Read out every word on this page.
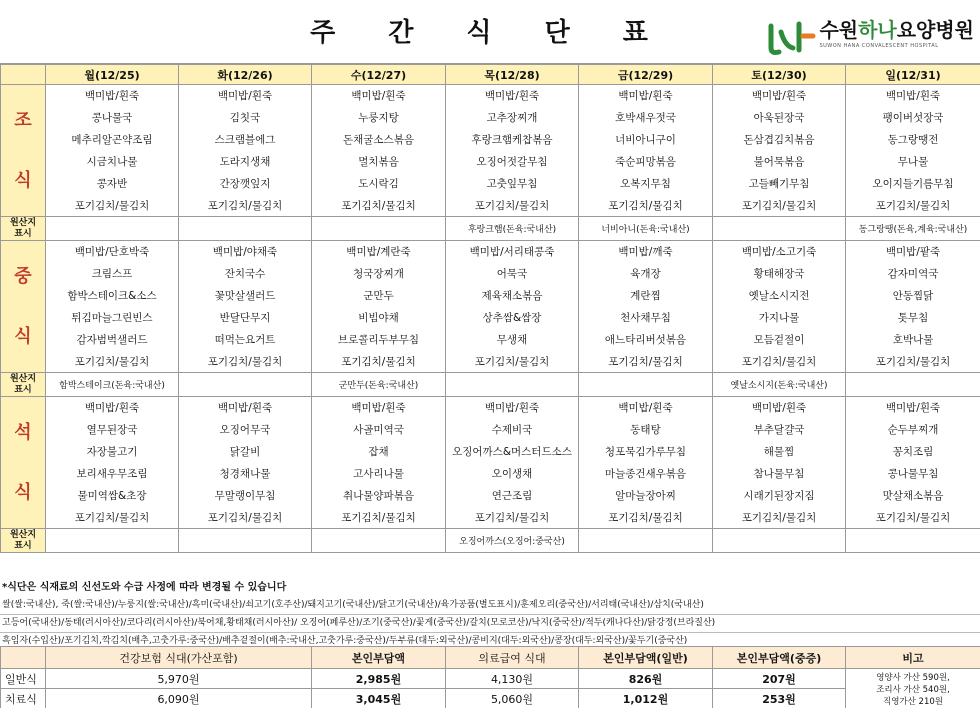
주 간 식 단 표	수원하나요양병원
SUWON HANA CONVALESCENT HOSPITAL
	월(12/25)	화(12/26)	수(12/27)	목(12/28)	금(12/29)	토(12/30)	일(12/31)

조
식	백미밥/흰죽	백미밥/흰죽	백미밥/흰죽	백미밥/흰죽	백미밥/흰죽	백미밥/흰죽	백미밥/흰죽
	콩나물국	김칫국	누룽지탕	고추장찌개	호박새우젓국	아욱된장국	팽이버섯장국
	메추리알곤약조림	스크램블에그	돈채굴소스볶음	후랑크햄케찹볶음	너비아니구이	돈삼겹김치볶음	동그랑땡전
	시금치나물	도라지생채	멸치볶음	오징어젓갈무침	죽순피망볶음	불어묵볶음	무나물
	콩자반	간장깻잎지	도시락김	고춧잎무침	오복지무침	고들빼기무침	오이지들기름무침
	포기김치/물김치	포기김치/물김치	포기김치/물김치	포기김치/물김치	포기김치/물김치	포기김치/물김치	포기김치/물김치

원산지
표시				후랑크햄(돈육:국내산)	너비아니(돈육:국내산)		동그랑땡(돈육,계육:국내산)

중
식	백미밥/단호박죽	백미밥/야채죽	백미밥/계란죽	백미밥/서리태콩죽	백미밥/깨죽	백미밥/소고기죽	백미밥/팥죽
	크림스프	잔치국수	청국장찌개	어묵국	육개장	황태해장국	감자미역국
	함박스테이크&소스	꽃맛살샐러드	군만두	제육채소볶음	계란찜	옛날소시지전	안동찜닭
	튀김마늘그린빈스	반달단무지	비빔야채	상추쌈&쌈장	천사채무침	가지나물	톳무침
	감자범벅샐러드	떠먹는요거트	브로콜리두부무침	무생채	애느타리버섯볶음	모듬겉절이	호박나물
	포기김치/물김치	포기김치/물김치	포기김치/물김치	포기김치/물김치	포기김치/물김치	포기김치/물김치	포기김치/물김치

원산지
표시	함박스테이크(돈육:국내산)		군만두(돈육:국내산)			옛날소시지(돈육:국내산)	

석
식	백미밥/흰죽	백미밥/흰죽	백미밥/흰죽	백미밥/흰죽	백미밥/흰죽	백미밥/흰죽	백미밥/흰죽
	열무된장국	오징어무국	사골미역국	수제비국	동태탕	부추달걀국	순두부찌개
	자장불고기	닭갈비	잡채	오징어까스&머스터드소스	청포묵김가루무침	해물찜	꽁치조림
	보리새우무조림	청경채나물	고사리나물	오이생채	마늘종건새우볶음	참나물무침	콩나물무침
	물미역쌈&초장	무말랭이무침	취나물양파볶음	연근조림	알마늘장아찌	시래기된장지짐	맛살채소볶음
	포기김치/물김치	포기김치/물김치	포기김치/물김치	포기김치/물김치	포기김치/물김치	포기김치/물김치	포기김치/물김치

원산지
표시				오징어까스(오징어:중국산)			
*식단은 식재료의 신선도와 수급 사정에 따라 변경될 수 있습니다
쌀(쌀:국내산), 죽(쌀:국내산)/누룽지(쌀:국내산)/흑미(국내산)/쇠고기(호주산)/돼지고기(국내산)/닭고기(국내산)/육가공품(별도표시)/훈제오리(중국산)/서리태(국내산)/삼치(국내산)
고등어(국내산)/동태(러시아산)/코다리(러시아산)/북어채,황태채(러시아산)/ 오징어(페루산)/조기(중국산)/꽃게(중국산)/갈치(모로코산)/낙지(중국산)/적두(캐나다산)/닭강정(브라질산)
흑임자(수입산)/포기김치,깍김치(배추,고춧가루:중국산)/배추겉절이(배추:국내산,고춧가루:중국산)/두부류(대두:외국산)/콩비지(대두:외국산)/콩장(대두:외국산)/꽃두기(중국산)
	건강보험 식대(가산포함)	본인부담액	의료급여 식대	본인부담액(일반)	본인부담액(중증)	비고
일반식	5,970원	2,985원	4,130원	826원	207원	영양사 가산 590원,
조리사 가산 540원,
직영가산 210원

치료식	6,090원	3,045원	5,060원	1,012원	253원	
